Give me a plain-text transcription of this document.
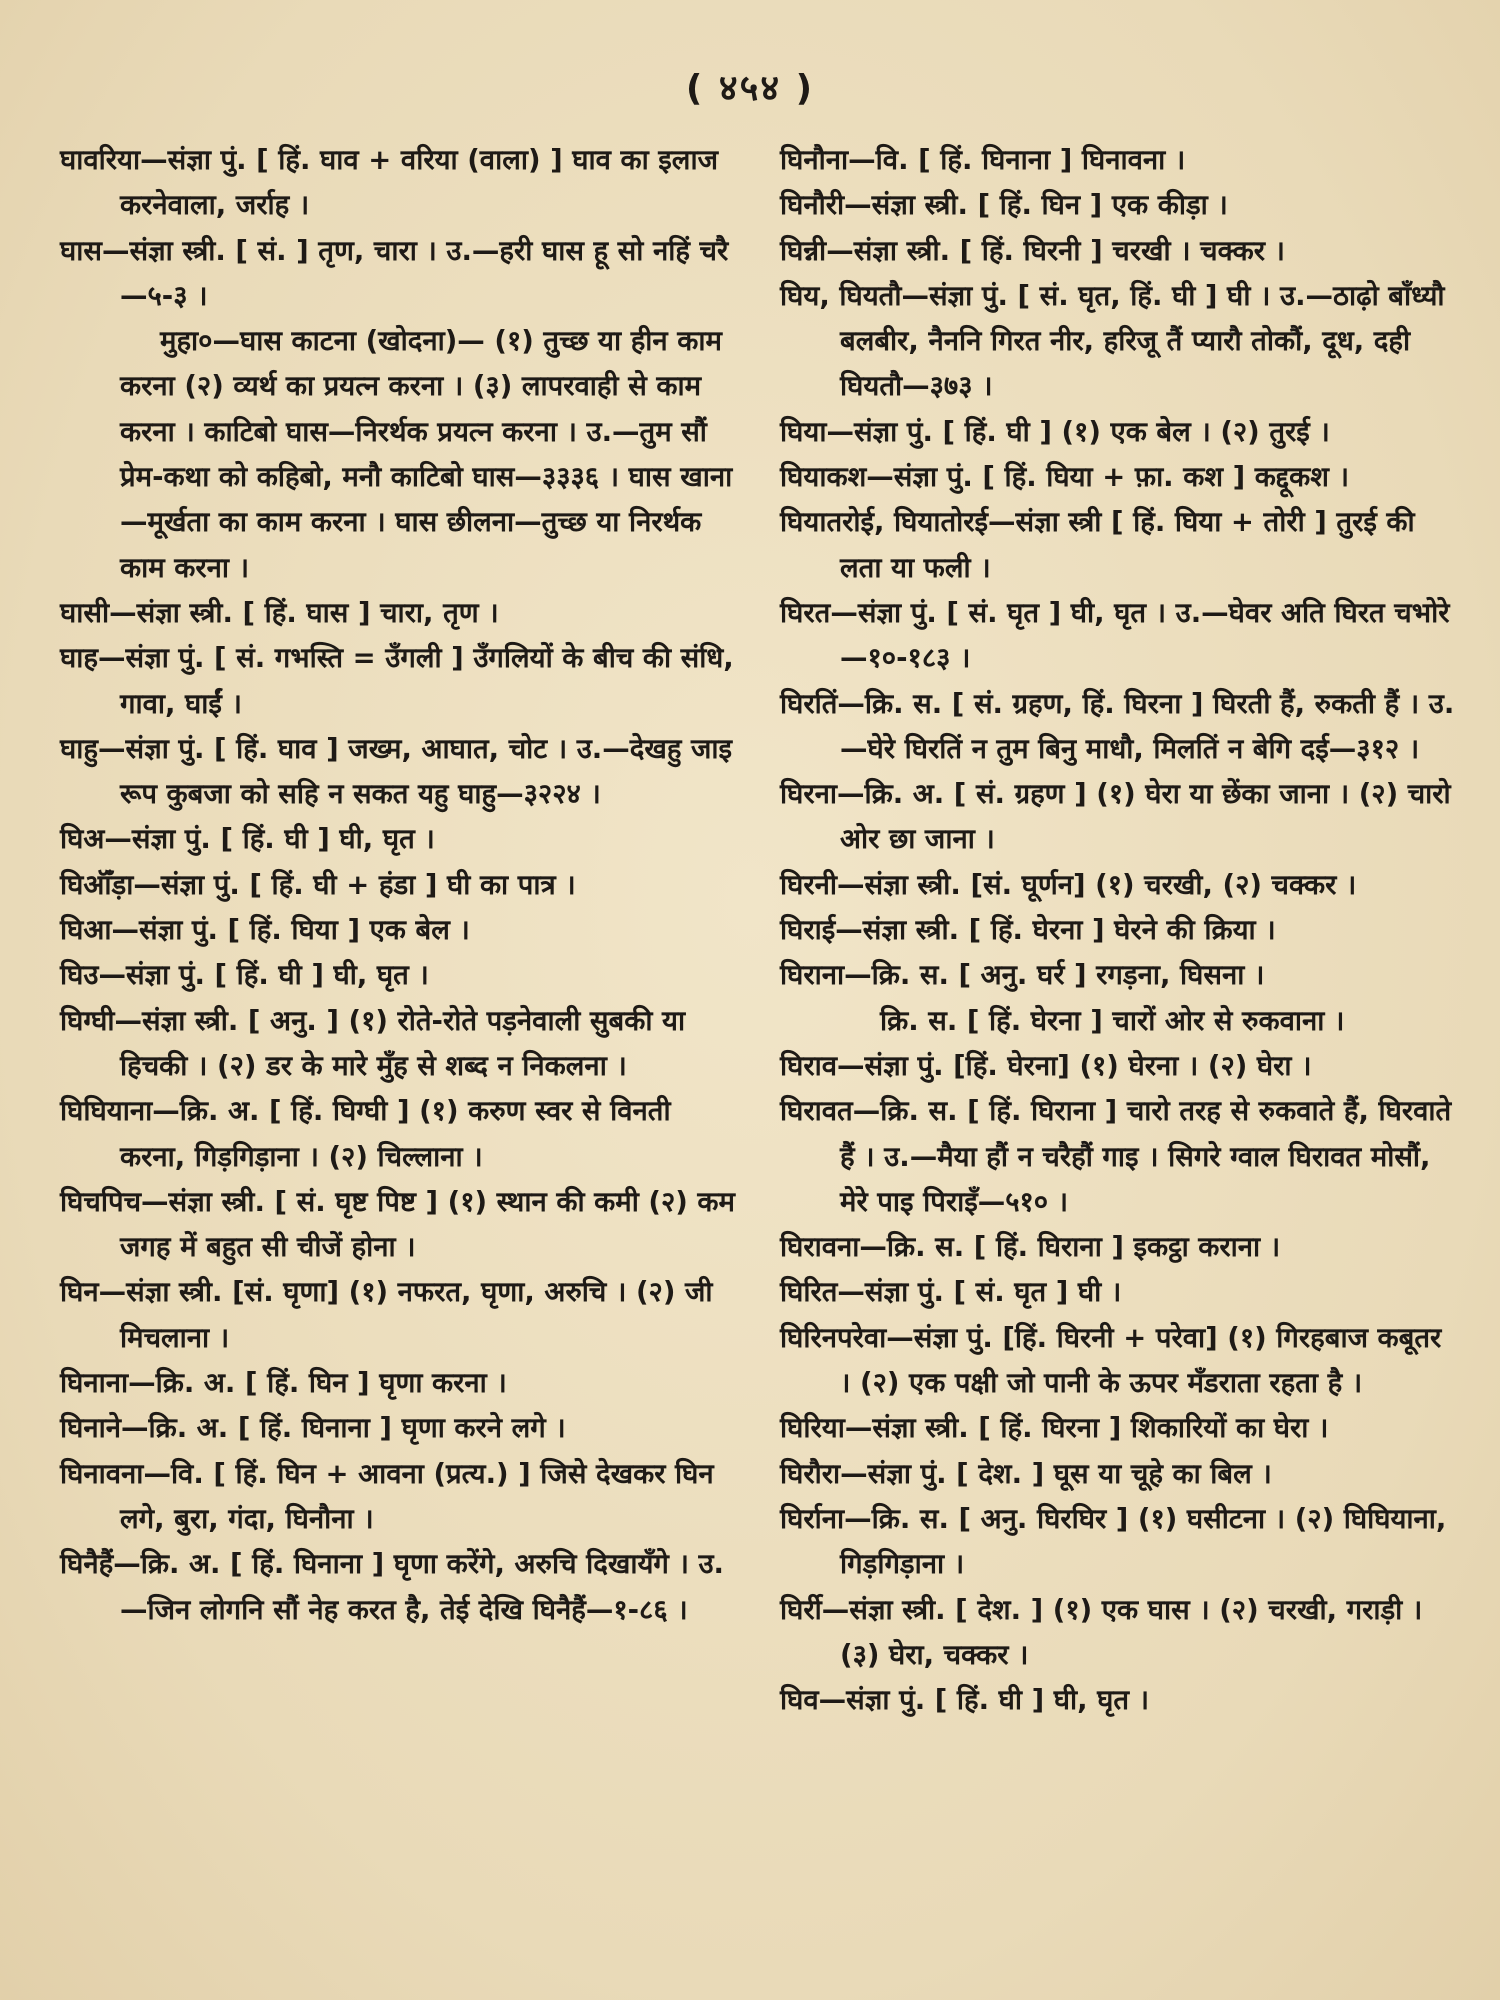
( ४५४ )
घावरिया—संज्ञा पुं. [ हिं. घाव + वरिया (वाला) ] घाव का इलाज करनेवाला, जर्राह ।
घास—संज्ञा स्त्री. [ सं. ] तृण, चारा । उ.—हरी घास हू सो नहिं चरै—५-३ ।
मुहा०—घास काटना (खोदना)— (१) तुच्छ या हीन काम करना (२) व्यर्थ का प्रयत्न करना । (३) लापरवाही से काम करना । काटिबो घास—निरर्थक प्रयत्न करना । उ.—तुम सौं प्रेम-कथा को कहिबो, मनौ काटिबो घास—३३३६ । घास खाना—मूर्खता का काम करना । घास छीलना—तुच्छ या निरर्थक काम करना ।
घासी—संज्ञा स्त्री. [ हिं. घास ] चारा, तृण ।
घाह—संज्ञा पुं. [ सं. गभस्ति = उँगली ] उँगलियों के बीच की संधि, गावा, घाईं ।
घाहु—संज्ञा पुं. [ हिं. घाव ] जख्म, आघात, चोट । उ.—देखहु जाइ रूप कुबजा को सहि न सकत यहु घाहु—३२२४ ।
घिअ—संज्ञा पुं. [ हिं. घी ] घी, घृत ।
घिऑँड़ा—संज्ञा पुं. [ हिं. घी + हंडा ] घी का पात्र ।
घिआ—संज्ञा पुं. [ हिं. घिया ] एक बेल ।
घिउ—संज्ञा पुं. [ हिं. घी ] घी, घृत ।
घिग्घी—संज्ञा स्त्री. [ अनु. ] (१) रोते-रोते पड़नेवाली सुबकी या हिचकी । (२) डर के मारे मुँह से शब्द न निकलना ।
घिघियाना—क्रि. अ. [ हिं. घिग्घी ] (१) करुण स्वर से विनती करना, गिड़गिड़ाना । (२) चिल्लाना ।
घिचपिच—संज्ञा स्त्री. [ सं. घृष्ट पिष्ट ] (१) स्थान की कमी (२) कम जगह में बहुत सी चीजें होना ।
घिन—संज्ञा स्त्री. [सं. घृणा] (१) नफरत, घृणा, अरुचि । (२) जी मिचलाना ।
घिनाना—क्रि. अ. [ हिं. घिन ] घृणा करना ।
घिनाने—क्रि. अ. [ हिं. घिनाना ] घृणा करने लगे ।
घिनावना—वि. [ हिं. घिन + आवना (प्रत्य.) ] जिसे देखकर घिन लगे, बुरा, गंदा, घिनौना ।
घिनैहैं—क्रि. अ. [ हिं. घिनाना ] घृणा करेंगे, अरुचि दिखायँगे । उ.—जिन लोगनि सौं नेह करत है, तेई देखि घिनैहैं—१-८६ ।
घिनौना—वि. [ हिं. घिनाना ] घिनावना ।
घिनौरी—संज्ञा स्त्री. [ हिं. घिन ] एक कीड़ा ।
घिन्नी—संज्ञा स्त्री. [ हिं. घिरनी ] चरखी । चक्कर ।
घिय, घियतौ—संज्ञा पुं. [ सं. घृत, हिं. घी ] घी । उ.—ठाढ़ो बाँध्यौ बलबीर, नैननि गिरत नीर, हरिजू तैं प्यारौ तोकौं, दूध, दही घियतौ—३७३ ।
घिया—संज्ञा पुं. [ हिं. घी ] (१) एक बेल । (२) तुरई ।
घियाकश—संज्ञा पुं. [ हिं. घिया + फ़ा. कश ] कद्दूकश ।
घियातरोई, घियातोरई—संज्ञा स्त्री [ हिं. घिया + तोरी ] तुरई की लता या फली ।
घिरत—संज्ञा पुं. [ सं. घृत ] घी, घृत । उ.—घेवर अति घिरत चभोरे—१०-१८३ ।
घिरतिं—क्रि. स. [ सं. ग्रहण, हिं. घिरना ] घिरती हैं, रुकती हैं । उ.—घेरे घिरतिं न तुम बिनु माधौ, मिलतिं न बेगि दई—३१२ ।
घिरना—क्रि. अ. [ सं. ग्रहण ] (१) घेरा या छेंका जाना । (२) चारो ओर छा जाना ।
घिरनी—संज्ञा स्त्री. [सं. घूर्णन] (१) चरखी, (२) चक्कर ।
घिराई—संज्ञा स्त्री. [ हिं. घेरना ] घेरने की क्रिया ।
घिराना—क्रि. स. [ अनु. घर्र ] रगड़ना, घिसना ।
क्रि. स. [ हिं. घेरना ] चारों ओर से रुकवाना ।
घिराव—संज्ञा पुं. [हिं. घेरना] (१) घेरना । (२) घेरा ।
घिरावत—क्रि. स. [ हिं. घिराना ] चारो तरह से रुकवाते हैं, घिरवाते हैं । उ.—मैया हौं न चरैहौं गाइ । सिगरे ग्वाल घिरावत मोसौं, मेरे पाइ पिराइँ—५१० ।
घिरावना—क्रि. स. [ हिं. घिराना ] इकट्ठा कराना ।
घिरित—संज्ञा पुं. [ सं. घृत ] घी ।
घिरिनपरेवा—संज्ञा पुं. [हिं. घिरनी + परेवा] (१) गिरहबाज कबूतर । (२) एक पक्षी जो पानी के ऊपर मँडराता रहता है ।
घिरिया—संज्ञा स्त्री. [ हिं. घिरना ] शिकारियों का घेरा ।
घिरौरा—संज्ञा पुं. [ देश. ] घूस या चूहे का बिल ।
घिर्राना—क्रि. स. [ अनु. घिरघिर ] (१) घसीटना । (२) घिघियाना, गिड़गिड़ाना ।
घिर्री—संज्ञा स्त्री. [ देश. ] (१) एक घास । (२) चरखी, गराड़ी । (३) घेरा, चक्कर ।
घिव—संज्ञा पुं. [ हिं. घी ] घी, घृत ।
